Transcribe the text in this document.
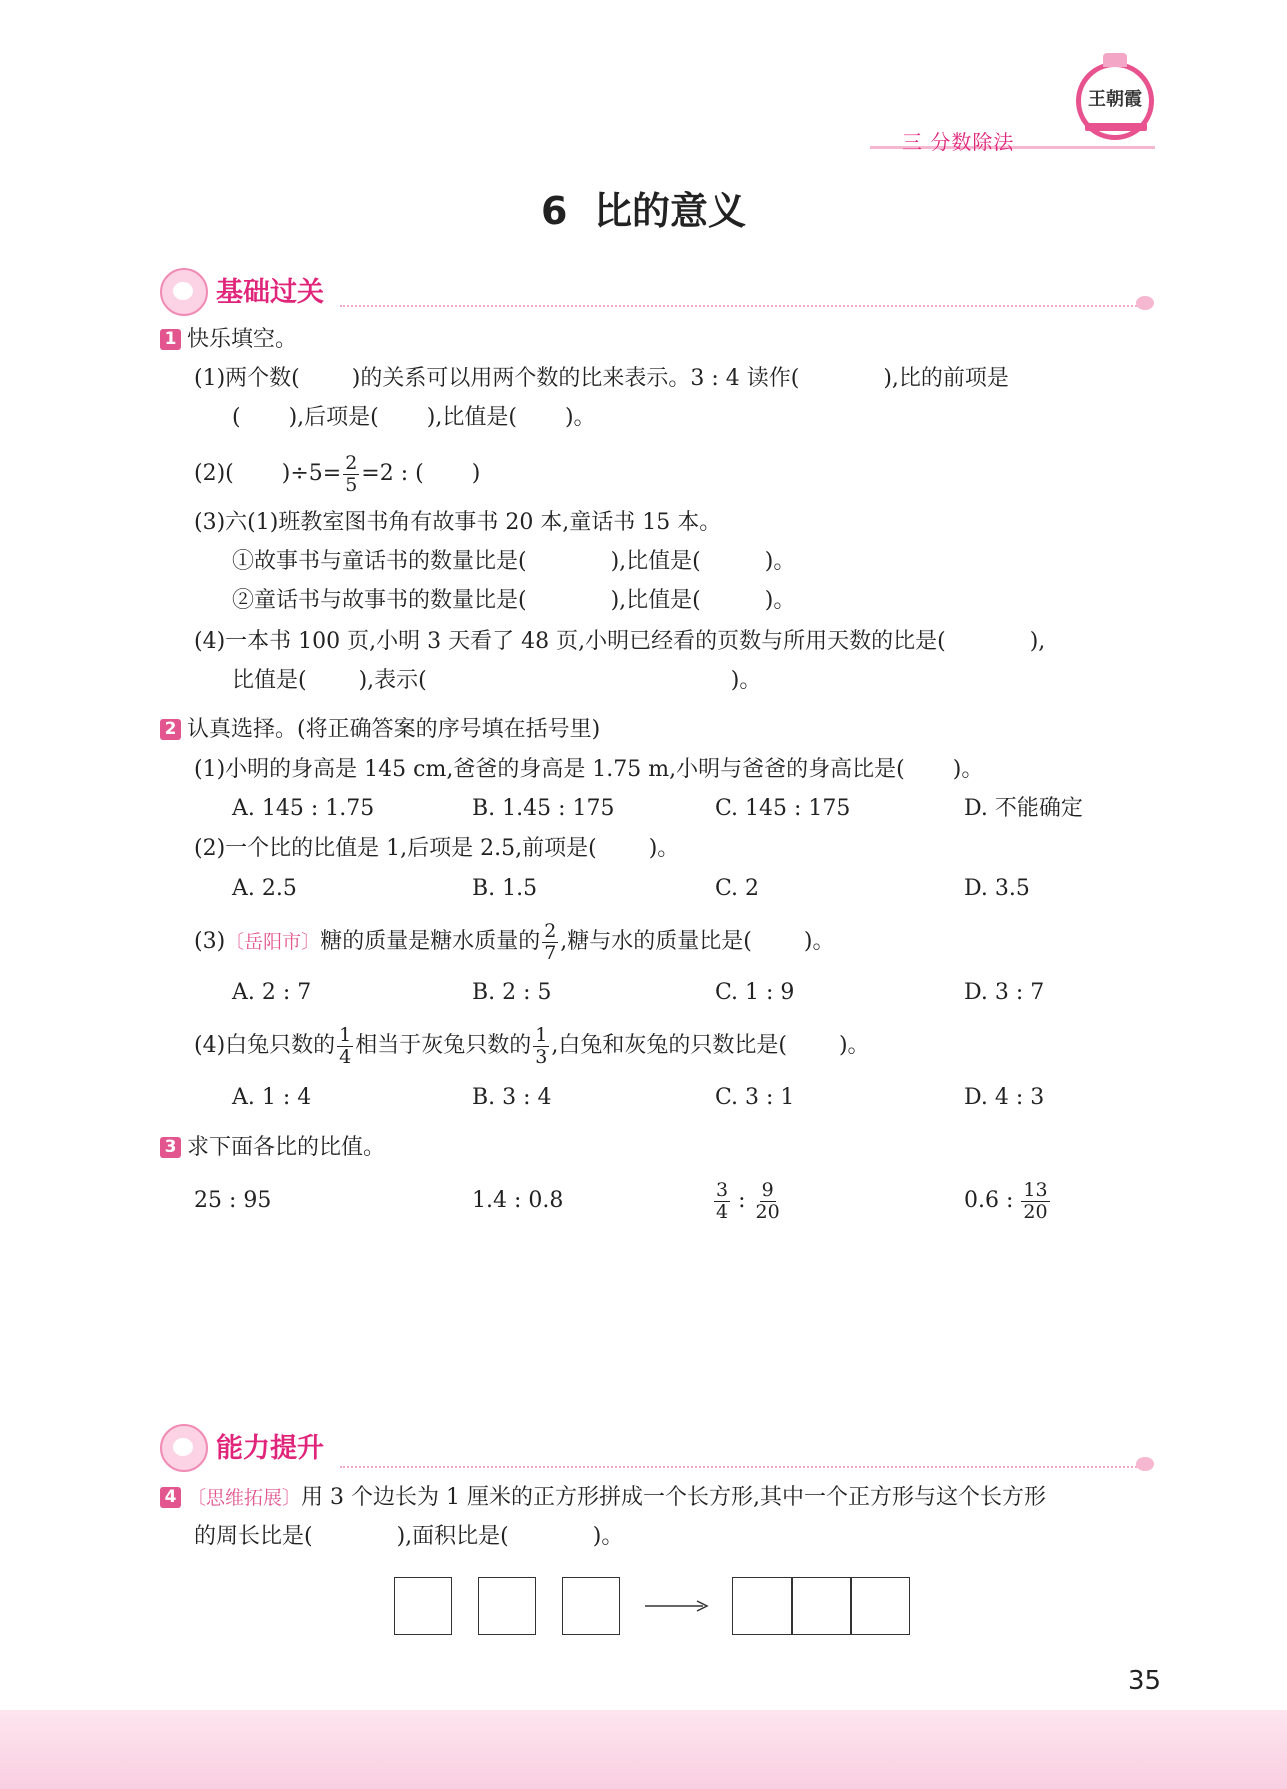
三 分数除法
王朝霞
6  比的意义
基础过关
1 快乐填空。
(1)两个数( )的关系可以用两个数的比来表示。3 : 4 读作(	),比的前项是
( ),后项是( ),比值是( )。
(2)( )$\div 5= \frac{2}{5} =2$ : ( )
(3)六(1)班教室图书角有故事书 20 本,童话书 15 本。
①故事书与童话书的数量比是(	),比值是(	)。
②童话书与故事书的数量比是(	),比值是(	)。
(4)一本书 100 页,小明 3 天看了 48 页,小明已经看的页数与所用天数的比是(	),
比值是( ),表示(	)。
2 认真选择。(将正确答案的序号填在括号里)
(1)小明的身高是 145 cm,爸爸的身高是 1.75 m,小明与爸爸的身高比是( )。
A. 145 : 1.75	B. 1.45 : 175	C. 145 : 175	D. 不能确定
(2)一个比的比值是 1,后项是 2.5,前项是( )。
A. 2.5	B. 1.5	C. 2	D. 3.5
(3) 〔岳阳市〕 糖的质量是糖水质量的 $\frac{2}{7}$ ,糖与水的质量比是( )。
A. 2 : 7	B. 2 : 5	C. 1 : 9	D. 3 : 7
(4)白兔只数的 $\frac{1}{4}$ 相当于灰兔只数的 $\frac{1}{3}$ ,白兔和灰兔的只数比是( )。
A. 1 : 4	B. 3 : 4	C. 3 : 1	D. 4 : 3
3 求下面各比的比值。
25 : 95	1.4 : 0.8	$\frac{3}{4}$ : $\frac{9}{20}$	0.6 : $\frac{13}{20}$
能力提升
4 〔思维拓展〕用 3 个边长为 1 厘米的正方形拼成一个长方形,其中一个正方形与这个长方形
的周长比是(	),面积比是(	)。
35
